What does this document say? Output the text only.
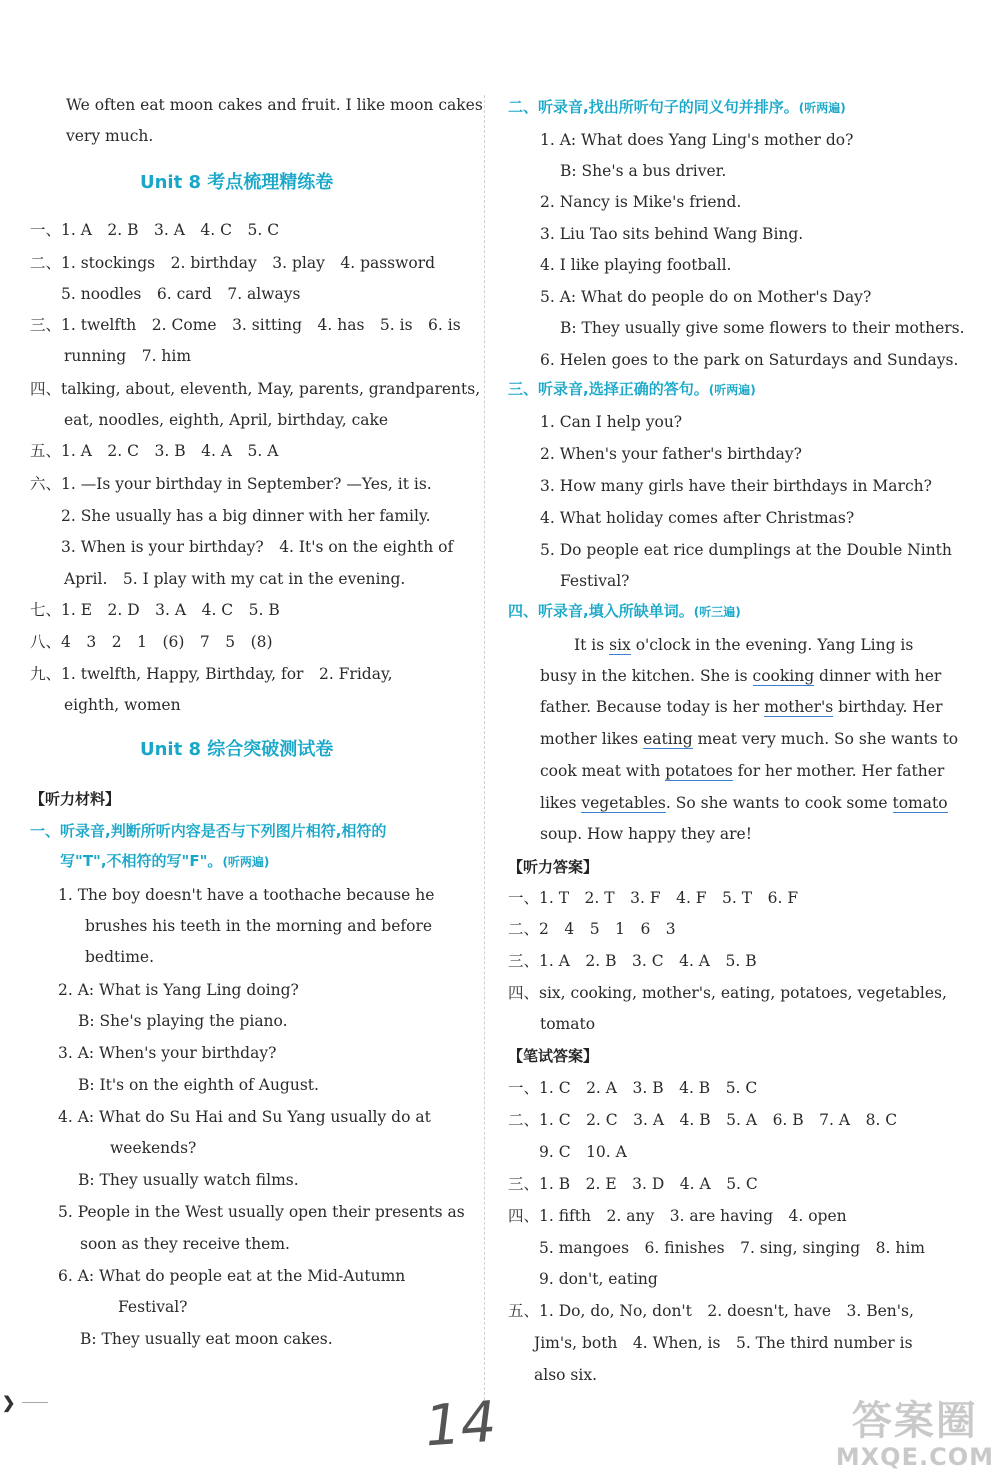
We often eat moon cakes and fruit. I like moon cakes
very much.
Unit 8 考点梳理精练卷
一、1. A　2. B　3. A　4. C　5. C
二、1. stockings　2. birthday　3. play　4. password
　　5. noodles　6. card　7. always
三、1. twelfth　2. Come　3. sitting　4. has　5. is　6. is
running　7. him
四、talking, about, eleventh, May, parents, grandparents,
eat, noodles, eighth, April, birthday, cake
五、1. A　2. C　3. B　4. A　5. A
六、1. —Is your birthday in September? —Yes, it is.
　　2. She usually has a big dinner with her family.
　　3. When is your birthday?　4. It's on the eighth of
April.　5. I play with my cat in the evening.
七、1. E　2. D　3. A　4. C　5. B
八、4　3　2　1　(6)　7　5　(8)
九、1. twelfth, Happy, Birthday, for　2. Friday,
eighth, women
Unit 8 综合突破测试卷
【听力材料】
一、听录音,判断所听内容是否与下列图片相符,相符的
写"T",不相符的写"F"。(听两遍)
1. The boy doesn't have a toothache because he
brushes his teeth in the morning and before
bedtime.
2. A: What is Yang Ling doing?
B: She's playing the piano.
3. A: When's your birthday?
B: It's on the eighth of August.
4. A: What do Su Hai and Su Yang usually do at
weekends?
B: They usually watch films.
5. People in the West usually open their presents as
soon as they receive them.
6. A: What do people eat at the Mid-Autumn
Festival?
B: They usually eat moon cakes.
二、听录音,找出所听句子的同义句并排序。(听两遍)
1. A: What does Yang Ling's mother do?
B: She's a bus driver.
2. Nancy is Mike's friend.
3. Liu Tao sits behind Wang Bing.
4. I like playing football.
5. A: What do people do on Mother's Day?
B: They usually give some flowers to their mothers.
6. Helen goes to the park on Saturdays and Sundays.
三、听录音,选择正确的答句。(听两遍)
1. Can I help you?
2. When's your father's birthday?
3. How many girls have their birthdays in March?
4. What holiday comes after Christmas?
5. Do people eat rice dumplings at the Double Ninth
Festival?
四、听录音,填入所缺单词。(听三遍)
It is six o'clock in the evening. Yang Ling is
busy in the kitchen. She is cooking dinner with her
father. Because today is her mother's birthday. Her
mother likes eating meat very much. So she wants to
cook meat with potatoes for her mother. Her father
likes vegetables. So she wants to cook some tomato
soup. How happy they are!
【听力答案】
一、1. T　2. T　3. F　4. F　5. T　6. F
二、2　4　5　1　6　3
三、1. A　2. B　3. C　4. A　5. B
四、six, cooking, mother's, eating, potatoes, vegetables,
tomato
【笔试答案】
一、1. C　2. A　3. B　4. B　5. C
二、1. C　2. C　3. A　4. B　5. A　6. B　7. A　8. C
　　9. C　10. A
三、1. B　2. E　3. D　4. A　5. C
四、1. fifth　2. any　3. are having　4. open
　　5. mangoes　6. finishes　7. sing, singing　8. him
　　9. don't, eating
五、1. Do, do, No, don't　2. doesn't, have　3. Ben's,
Jim's, both　4. When, is　5. The third number is
also six.
❯	14	答案圈
MXQE.COM
